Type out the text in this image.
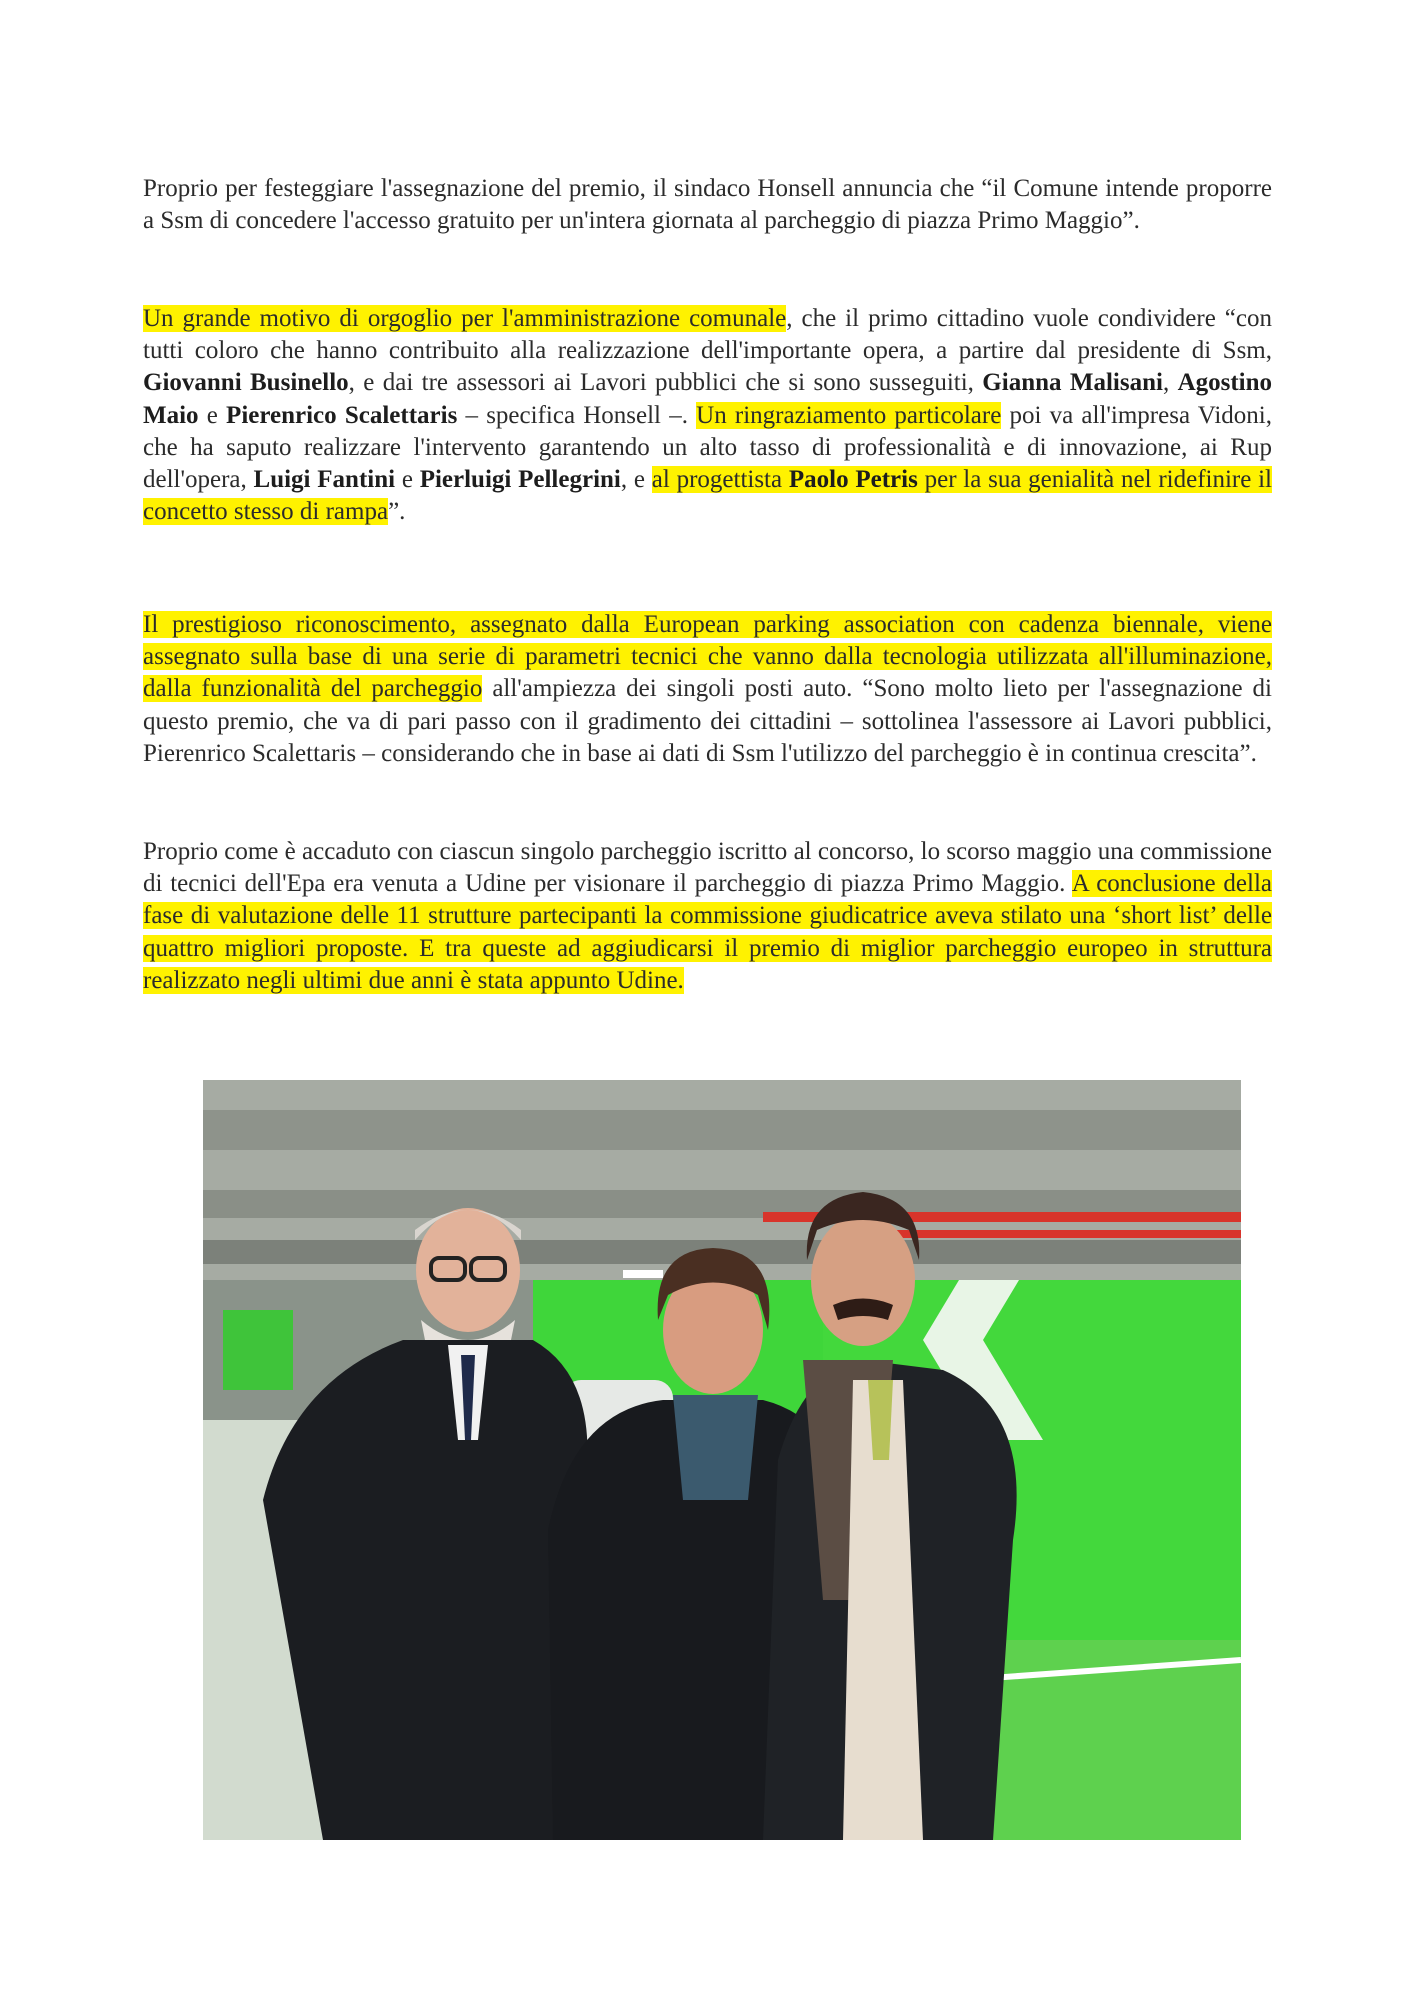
Proprio per festeggiare l'assegnazione del premio, il sindaco Honsell annuncia che “il Comune intende proporre a Ssm di concedere l'accesso gratuito per un'intera giornata al parcheggio di piazza Primo Maggio”.

Un grande motivo di orgoglio per l'amministrazione comunale, che il primo cittadino vuole condividere “con tutti coloro che hanno contribuito alla realizzazione dell'importante opera, a partire dal presidente di Ssm, Giovanni Businello, e dai tre assessori ai Lavori pubblici che si sono susseguiti, Gianna Malisani, Agostino Maio e Pierenrico Scalettaris – specifica Honsell –. Un ringraziamento particolare poi va all'impresa Vidoni, che ha saputo realizzare l'intervento garantendo un alto tasso di professionalità e di innovazione, ai Rup dell'opera, Luigi Fantini e Pierluigi Pellegrini, e al progettista Paolo Petris per la sua genialità nel ridefinire il concetto stesso di rampa”.

Il prestigioso riconoscimento, assegnato dalla European parking association con cadenza biennale, viene assegnato sulla base di una serie di parametri tecnici che vanno dalla tecnologia utilizzata all'illuminazione, dalla funzionalità del parcheggio all'ampiezza dei singoli posti auto. “Sono molto lieto per l'assegnazione di questo premio, che va di pari passo con il gradimento dei cittadini – sottolinea l'assessore ai Lavori pubblici, Pierenrico Scalettaris – considerando che in base ai dati di Ssm l'utilizzo del parcheggio è in continua crescita”.

Proprio come è accaduto con ciascun singolo parcheggio iscritto al concorso, lo scorso maggio una commissione di tecnici dell'Epa era venuta a Udine per visionare il parcheggio di piazza Primo Maggio. A conclusione della fase di valutazione delle 11 strutture partecipanti la commissione giudicatrice aveva stilato una ‘short list’ delle quattro migliori proposte. E tra queste ad aggiudicarsi il premio di miglior parcheggio europeo in struttura realizzato negli ultimi due anni è stata appunto Udine.
